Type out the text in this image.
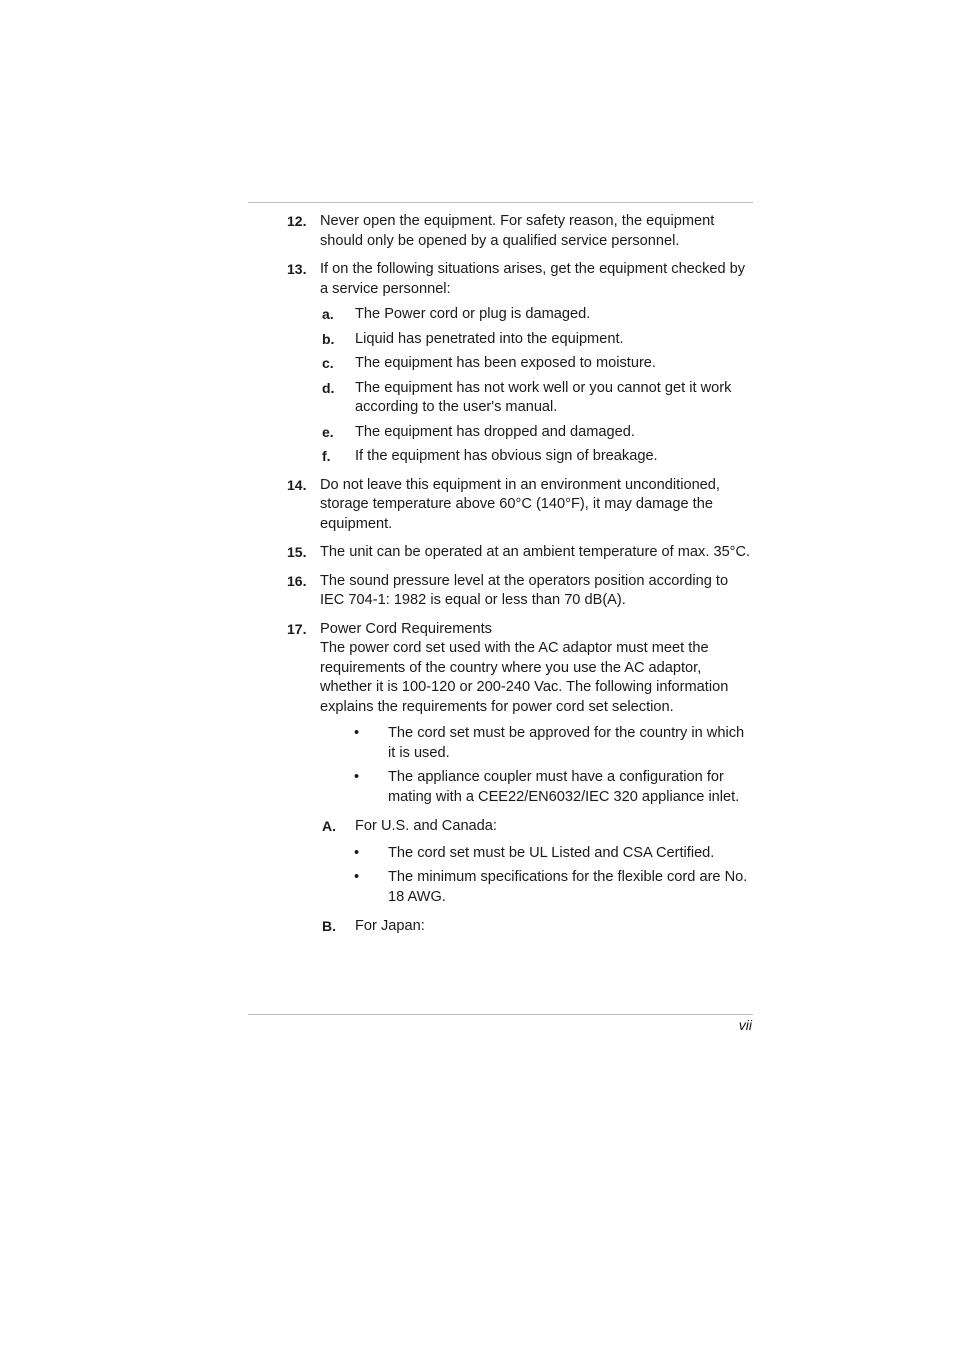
12. Never open the equipment. For safety reason, the equipment should only be opened by a qualified service personnel.
13. If on the following situations arises, get the equipment checked by a service personnel:
a. The Power cord or plug is damaged.
b. Liquid has penetrated into the equipment.
c. The equipment has been exposed to moisture.
d. The equipment has not work well or you cannot get it work according to the user's manual.
e. The equipment has dropped and damaged.
f. If the equipment has obvious sign of breakage.
14. Do not leave this equipment in an environment unconditioned, storage temperature above 60°C (140°F), it may damage the equipment.
15. The unit can be operated at an ambient temperature of max. 35°C.
16. The sound pressure level at the operators position according to IEC 704-1: 1982 is equal or less than 70 dB(A).
17. Power Cord Requirements
The power cord set used with the AC adaptor must meet the requirements of the country where you use the AC adaptor, whether it is 100-120 or 200-240 Vac. The following information explains the requirements for power cord set selection.
• The cord set must be approved for the country in which it is used.
• The appliance coupler must have a configuration for mating with a CEE22/EN6032/IEC 320 appliance inlet.
A. For U.S. and Canada:
• The cord set must be UL Listed and CSA Certified.
• The minimum specifications for the flexible cord are No. 18 AWG.
B. For Japan:
vii
